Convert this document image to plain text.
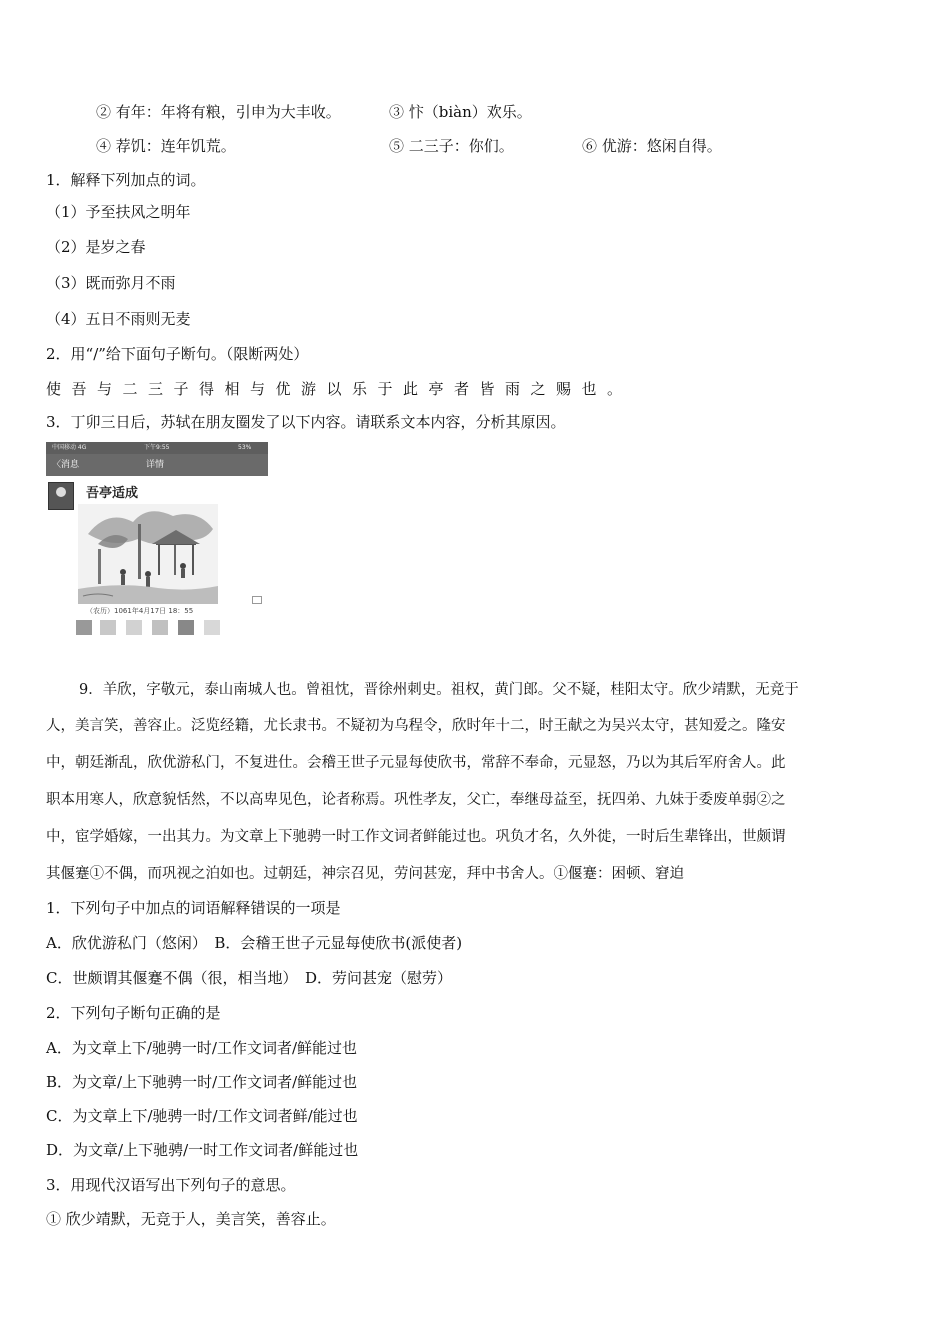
② 有年：年将有粮，引申为大丰收。	③ 忭（biàn）欢乐。
④ 荐饥：连年饥荒。	⑤ 二三子：你们。	⑥ 优游：悠闲自得。
1．解释下列加点的词。
（1）予至扶风之明年
（2）是岁之春
（3）既而弥月不雨
（4）五日不雨则无麦
2．用“/”给下面句子断句。（限断两处）
使吾与二三子得相与优游以乐于此亭者皆雨之赐也。
3．丁卯三日后，苏轼在朋友圈发了以下内容。请联系文本内容，分析其原因。
中国移动 4G	下午9:55	53%
〈消息	详情
吾亭适成
（农历）1061年4月17日 18：55
9．羊欣，字敬元，泰山南城人也。曾祖忱，晋徐州刺史。祖权，黄门郎。父不疑，桂阳太守。欣少靖默，无竞于
人，美言笑，善容止。泛览经籍，尤长隶书。不疑初为乌程令，欣时年十二，时王献之为吴兴太守，甚知爱之。隆安
中，朝廷渐乱，欣优游私门，不复进仕。会稽王世子元显每使欣书，常辞不奉命，元显怒，乃以为其后军府舍人。此
职本用寒人，欣意貌恬然，不以高卑见色，论者称焉。巩性孝友，父亡，奉继母益至，抚四弟、九妹于委废单弱②之
中，宦学婚嫁，一出其力。为文章上下驰骋一时工作文词者鲜能过也。巩负才名，久外徙，一时后生辈锋出，世颇谓
其偃蹇①不偶，而巩视之泊如也。过朝廷，神宗召见，劳问甚宠，拜中书舍人。①偃蹇：困顿、窘迫
1．下列句子中加点的词语解释错误的一项是
A．欣优游私门（悠闲）　B．会稽王世子元显每使欣书(派使者)
C．世颇谓其偃蹇不偶（很，相当地）　D．劳问甚宠（慰劳）
2．下列句子断句正确的是
A．为文章上下/驰骋一时/工作文词者/鲜能过也
B．为文章/上下驰骋一时/工作文词者/鲜能过也
C．为文章上下/驰骋一时/工作文词者鲜/能过也
D．为文章/上下驰骋/一时工作文词者/鲜能过也
3．用现代汉语写出下列句子的意思。
① 欣少靖默，无竞于人，美言笑，善容止。
